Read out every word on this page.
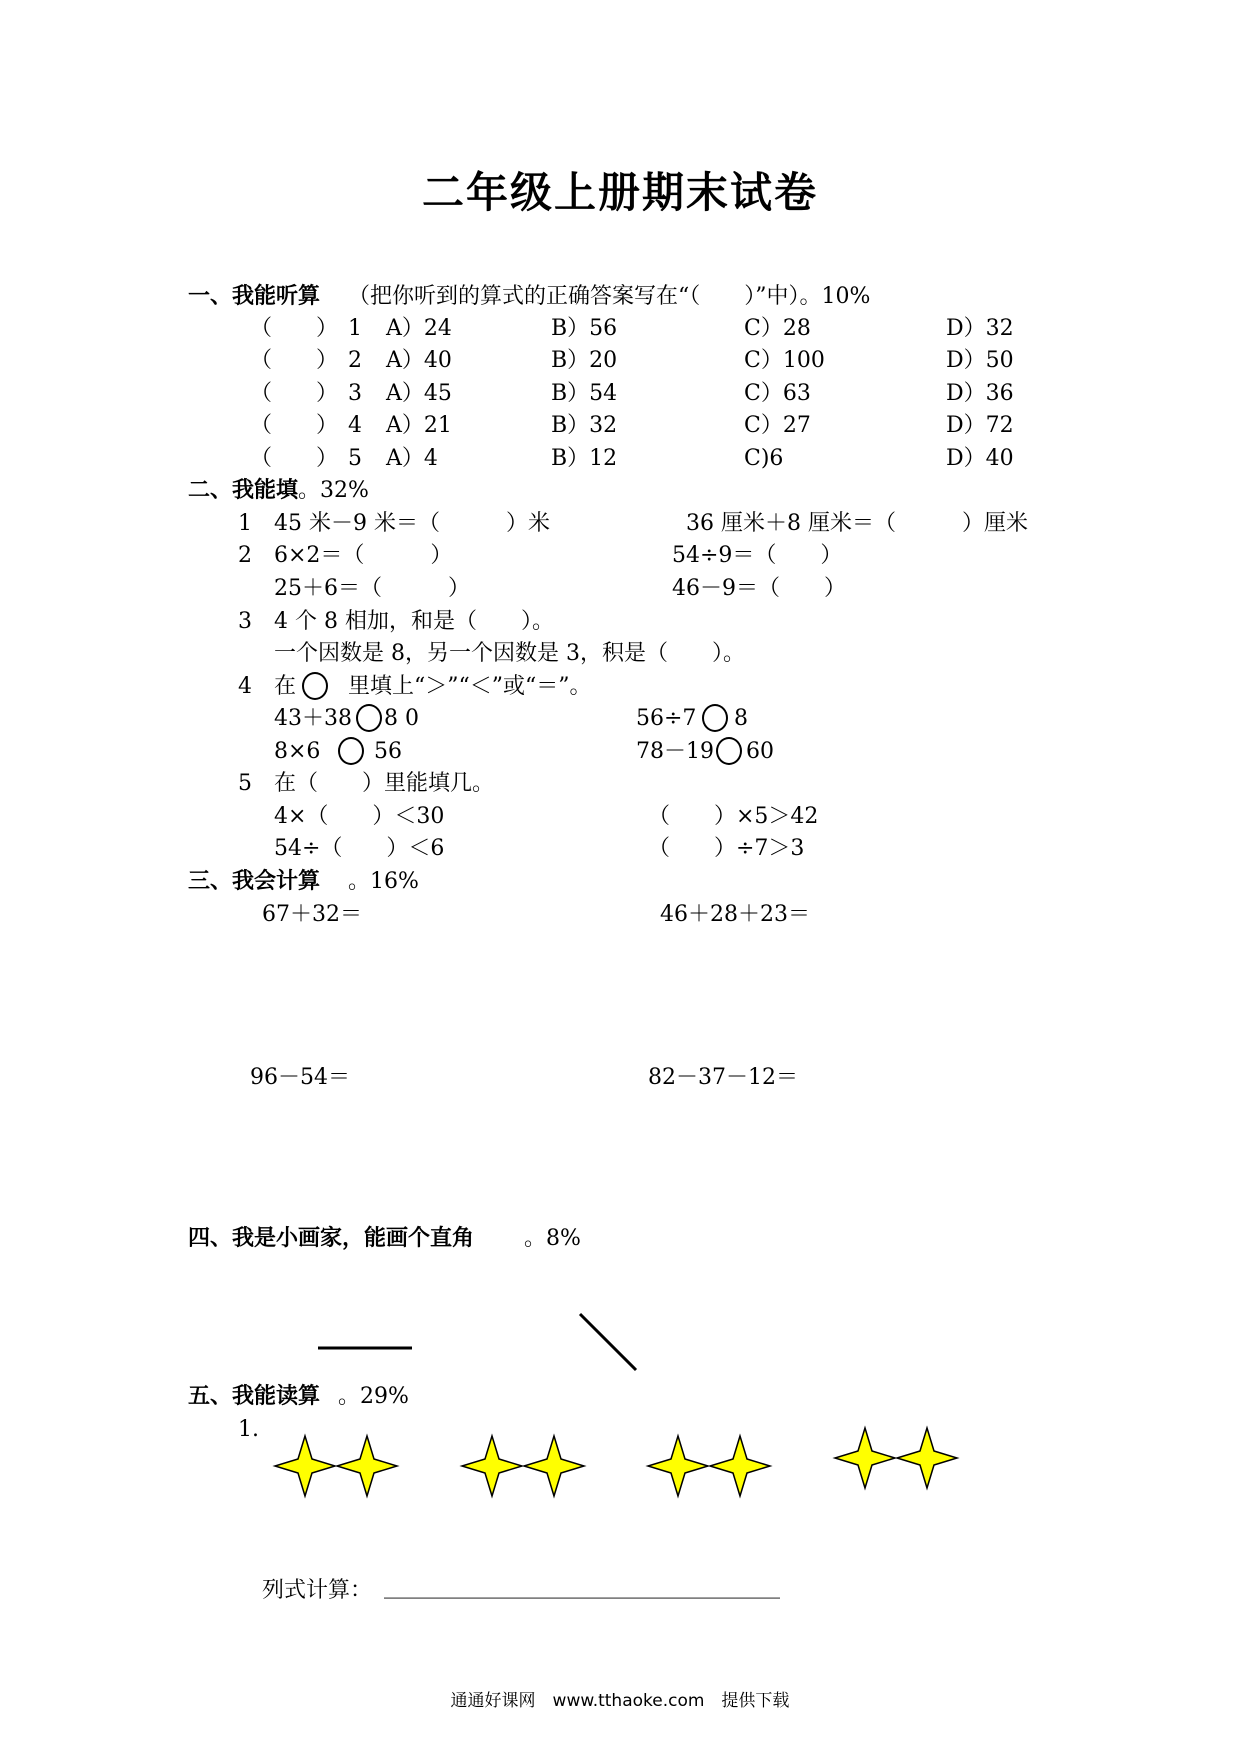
二年级上册期末试卷
一、我能听算 （把你听到的算式的正确答案写在“（　　）”中）。10%
（　　） 1 A）24	B）56	C）28	D）32
（　　） 2 A）40	B）20	C）100	D）50
（　　） 3 A）45	B）54	C）63	D）36
（　　） 4 A）21	B）32	C）27	D）72
（　　） 5 A）4	B）12	C)6	D）40
二、我能填 。32%
1 45 米－9 米＝（　　　）米	36 厘米＋8 厘米＝（　　　）厘米
2 6×2＝（　　　）	54÷9＝（　　）
25＋6＝（　　　）	46－9＝（　　）
3 4 个 8 相加，和是（　　）。
一个因数是 8，另一个因数是 3，积是（　　）。
4 在 里填上“＞”“＜”或“＝”。
43＋38 8 0	56÷7 8
8×6 56	78－19 60
5 在（　　）里能填几。
4×（　　）＜30	（　　）×5＞42
54÷（　　）＜6	（　　）÷7＞3
三、我会计算 。16%
67＋32＝	46＋28＋23＝
96－54＝	82－37－12＝
四、我是小画家，能画个直角 。8%
五、我能读算 。29%
1.
列式计算： ____________________________________
通通好课网　www.tthaoke.com　提供下载
